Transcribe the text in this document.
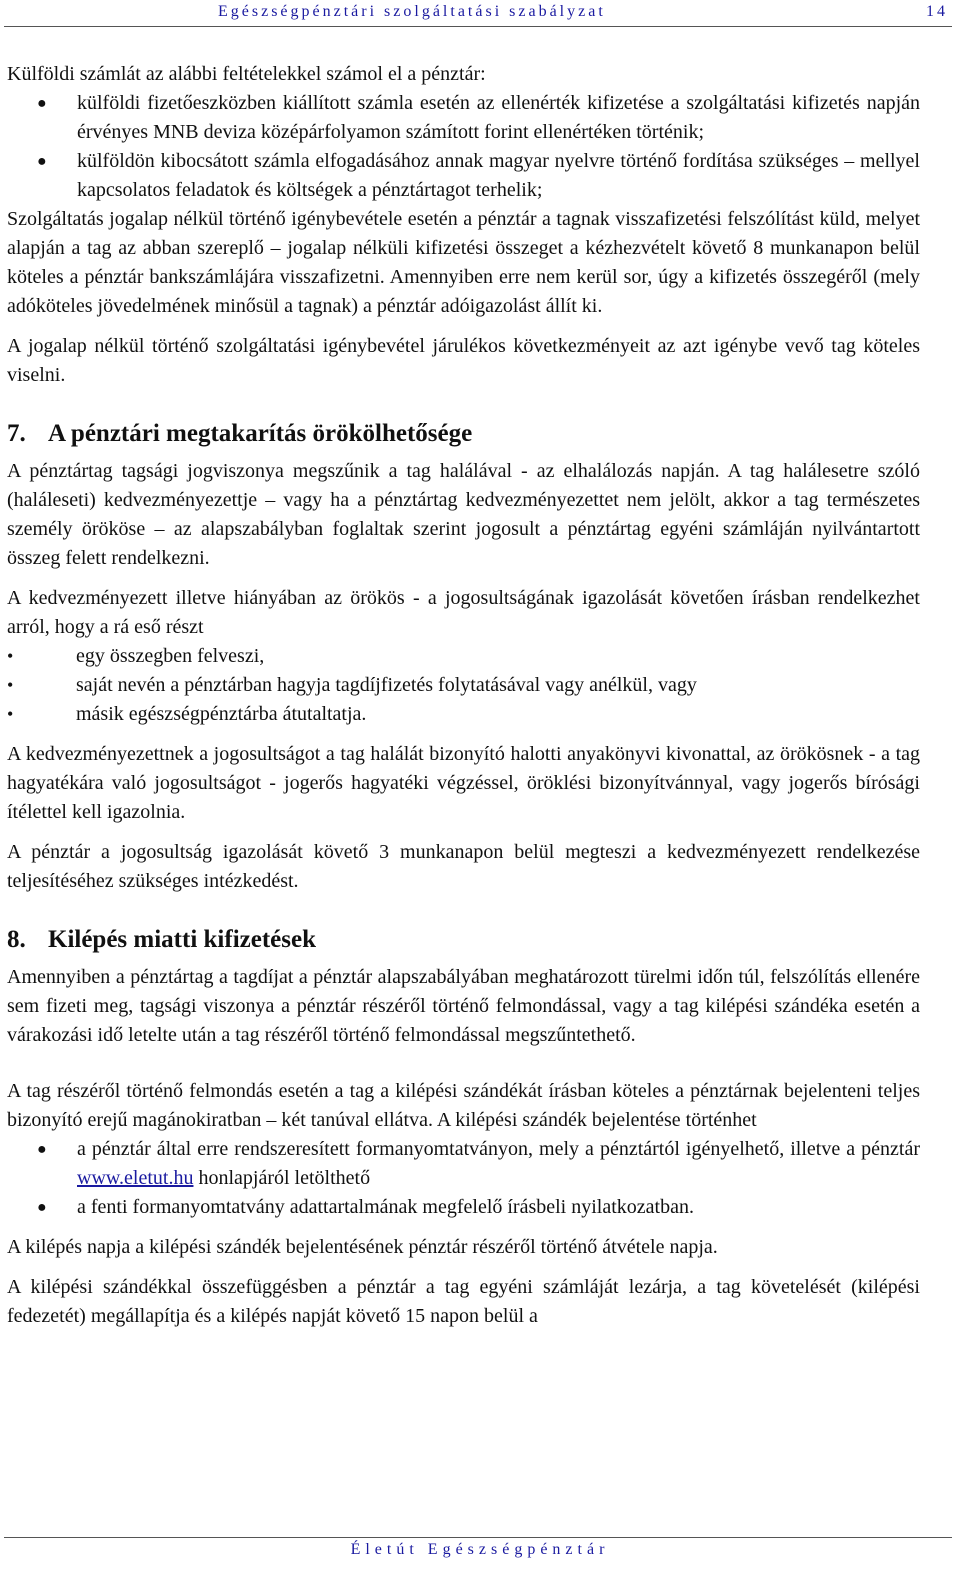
Egészségpénztári szolgáltatási szabályzat	14

Külföldi számlát az alábbi feltételekkel számol el a pénztár:

● külföldi fizetőeszközben kiállított számla esetén az ellenérték kifizetése a szolgáltatási kifizetés napján érvényes MNB deviza középárfolyamon számított forint ellenértéken történik;
● külföldön kibocsátott számla elfogadásához annak magyar nyelvre történő fordítása szükséges – mellyel kapcsolatos feladatok és költségek a pénztártagot terhelik;

Szolgáltatás jogalap nélkül történő igénybevétele esetén a pénztár a tagnak visszafizetési felszólítást küld, melyet alapján a tag az abban szereplő – jogalap nélküli kifizetési összeget a kézhezvételt követő 8 munkanapon belül köteles a pénztár bankszámlájára visszafizetni. Amennyiben erre nem kerül sor, úgy a kifizetés összegéről (mely adóköteles jövedelmének minősül a tagnak) a pénztár adóigazolást állít ki.

A jogalap nélkül történő szolgáltatási igénybevétel járulékos következményeit az azt igénybe vevő tag köteles viselni.

7. A pénztári megtakarítás örökölhetősége

A pénztártag tagsági jogviszonya megszűnik a tag halálával - az elhalálozás napján. A tag halálesetre szóló (haláleseti) kedvezményezettje – vagy ha a pénztártag kedvezményezettet nem jelölt, akkor a tag természetes személy örököse – az alapszabályban foglaltak szerint jogosult a pénztártag egyéni számláján nyilvántartott összeg felett rendelkezni.

A kedvezményezett illetve hiányában az örökös - a jogosultságának igazolását követően írásban rendelkezhet arról, hogy a rá eső részt

•	egy összegben felveszi,
•	saját nevén a pénztárban hagyja tagdíjfizetés folytatásával vagy anélkül, vagy
•	másik egészségpénztárba átutaltatja.

A kedvezményezettnek a jogosultságot a tag halálát bizonyító halotti anyakönyvi kivonattal, az örökösnek - a tag hagyatékára való jogosultságot - jogerős hagyatéki végzéssel, öröklési bizonyítvánnyal, vagy jogerős bírósági ítélettel kell igazolnia.

A pénztár a jogosultság igazolását követő 3 munkanapon belül megteszi a kedvezményezett rendelkezése teljesítéséhez szükséges intézkedést.

8. Kilépés miatti kifizetések

Amennyiben a pénztártag a tagdíjat a pénztár alapszabályában meghatározott türelmi időn túl, felszólítás ellenére sem fizeti meg, tagsági viszonya a pénztár részéről történő felmondással, vagy a tag kilépési szándéka esetén a várakozási idő letelte után a tag részéről történő felmondással megszűntethető.

A tag részéről történő felmondás esetén a tag a kilépési szándékát írásban köteles a pénztárnak bejelenteni teljes bizonyító erejű magánokiratban – két tanúval ellátva. A kilépési szándék bejelentése történhet

● a pénztár által erre rendszeresített formanyomtatványon, mely a pénztártól igényelhető, illetve a pénztár www.eletut.hu honlapjáról letölthető
● a fenti formanyomtatvány adattartalmának megfelelő írásbeli nyilatkozatban.

A kilépés napja a kilépési szándék bejelentésének pénztár részéről történő átvétele napja.

A kilépési szándékkal összefüggésben a pénztár a tag egyéni számláját lezárja, a tag követelését (kilépési fedezetét) megállapítja és a kilépés napját követő 15 napon belül a

Életút Egészségpénztár
